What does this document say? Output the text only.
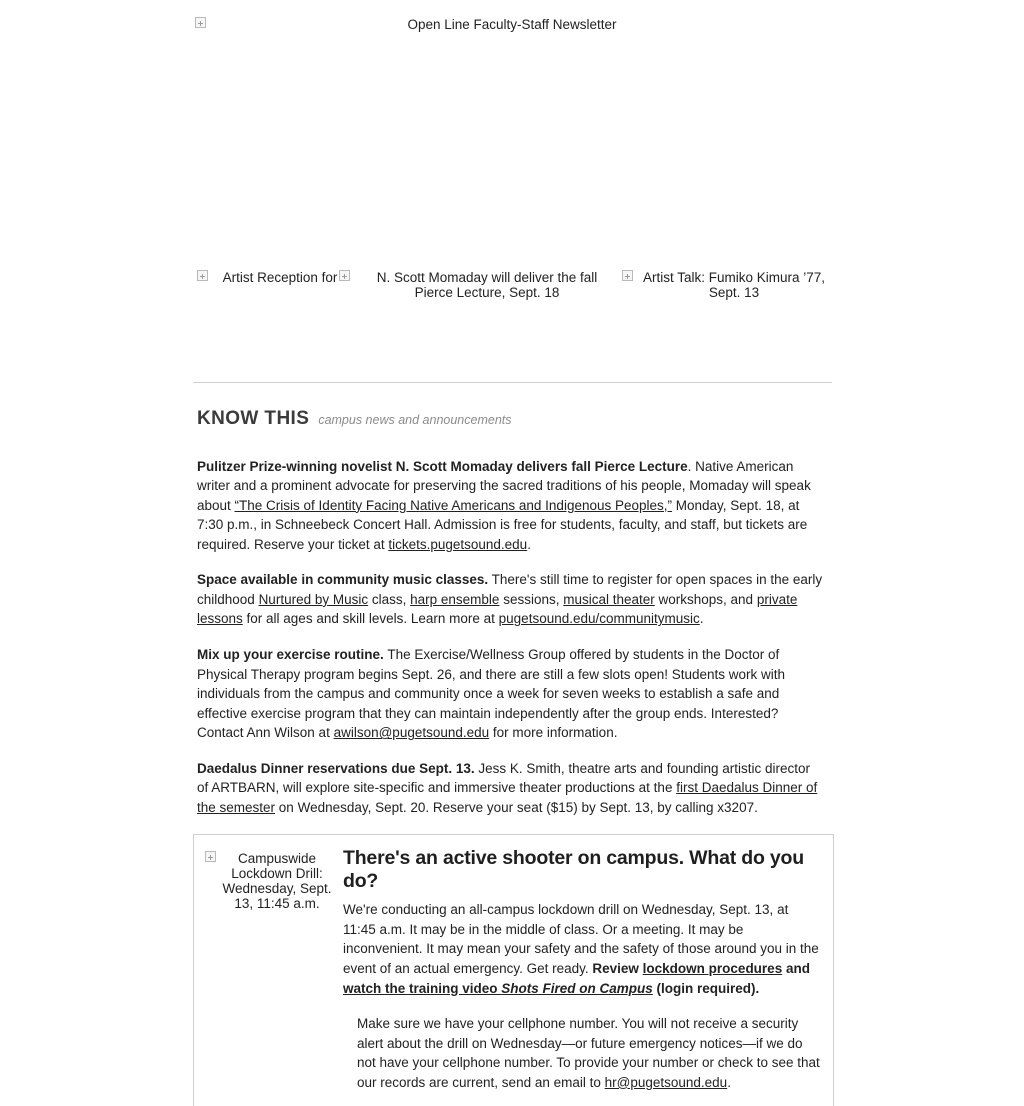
Open Line Faculty-Staff Newsletter
Artist Reception for	N. Scott Momaday will deliver the fall Pierce Lecture, Sept. 18
Artist Talk: Fumiko Kimura ’77, Sept. 13
KNOW THIS campus news and announcements

Pulitzer Prize-winning novelist N. Scott Momaday delivers fall Pierce Lecture. Native American writer and a prominent advocate for preserving the sacred traditions of his people, Momaday will speak about “The Crisis of Identity Facing Native Americans and Indigenous Peoples,” Monday, Sept. 18, at 7:30 p.m., in Schneebeck Concert Hall. Admission is free for students, faculty, and staff, but tickets are required. Reserve your ticket at tickets.pugetsound.edu.

Space available in community music classes. There's still time to register for open spaces in the early childhood Nurtured by Music class, harp ensemble sessions, musical theater workshops, and private lessons for all ages and skill levels. Learn more at pugetsound.edu/communitymusic.

Mix up your exercise routine. The Exercise/Wellness Group offered by students in the Doctor of Physical Therapy program begins Sept. 26, and there are still a few slots open! Students work with individuals from the campus and community once a week for seven weeks to establish a safe and effective exercise program that they can maintain independently after the group ends. Interested? Contact Ann Wilson at awilson@pugetsound.edu for more information.

Daedalus Dinner reservations due Sept. 13. Jess K. Smith, theatre arts and founding artistic director of ARTBARN, will explore site-specific and immersive theater productions at the first Daedalus Dinner of the semester on Wednesday, Sept. 20. Reserve your seat ($15) by Sept. 13, by calling x3207.

Campuswide Lockdown Drill: Wednesday, Sept. 13, 11:45 a.m.
There's an active shooter on campus. What do you do?

We're conducting an all-campus lockdown drill on Wednesday, Sept. 13, at 11:45 a.m. It may be in the middle of class. Or a meeting. It may be inconvenient. It may mean your safety and the safety of those around you in the event of an actual emergency. Get ready. Review lockdown procedures and watch the training video Shots Fired on Campus (login required).

Make sure we have your cellphone number. You will not receive a security alert about the drill on Wednesday—or future emergency notices—if we do not have your cellphone number. To provide your number or check to see that our records are current, send an email to hr@pugetsound.edu.
